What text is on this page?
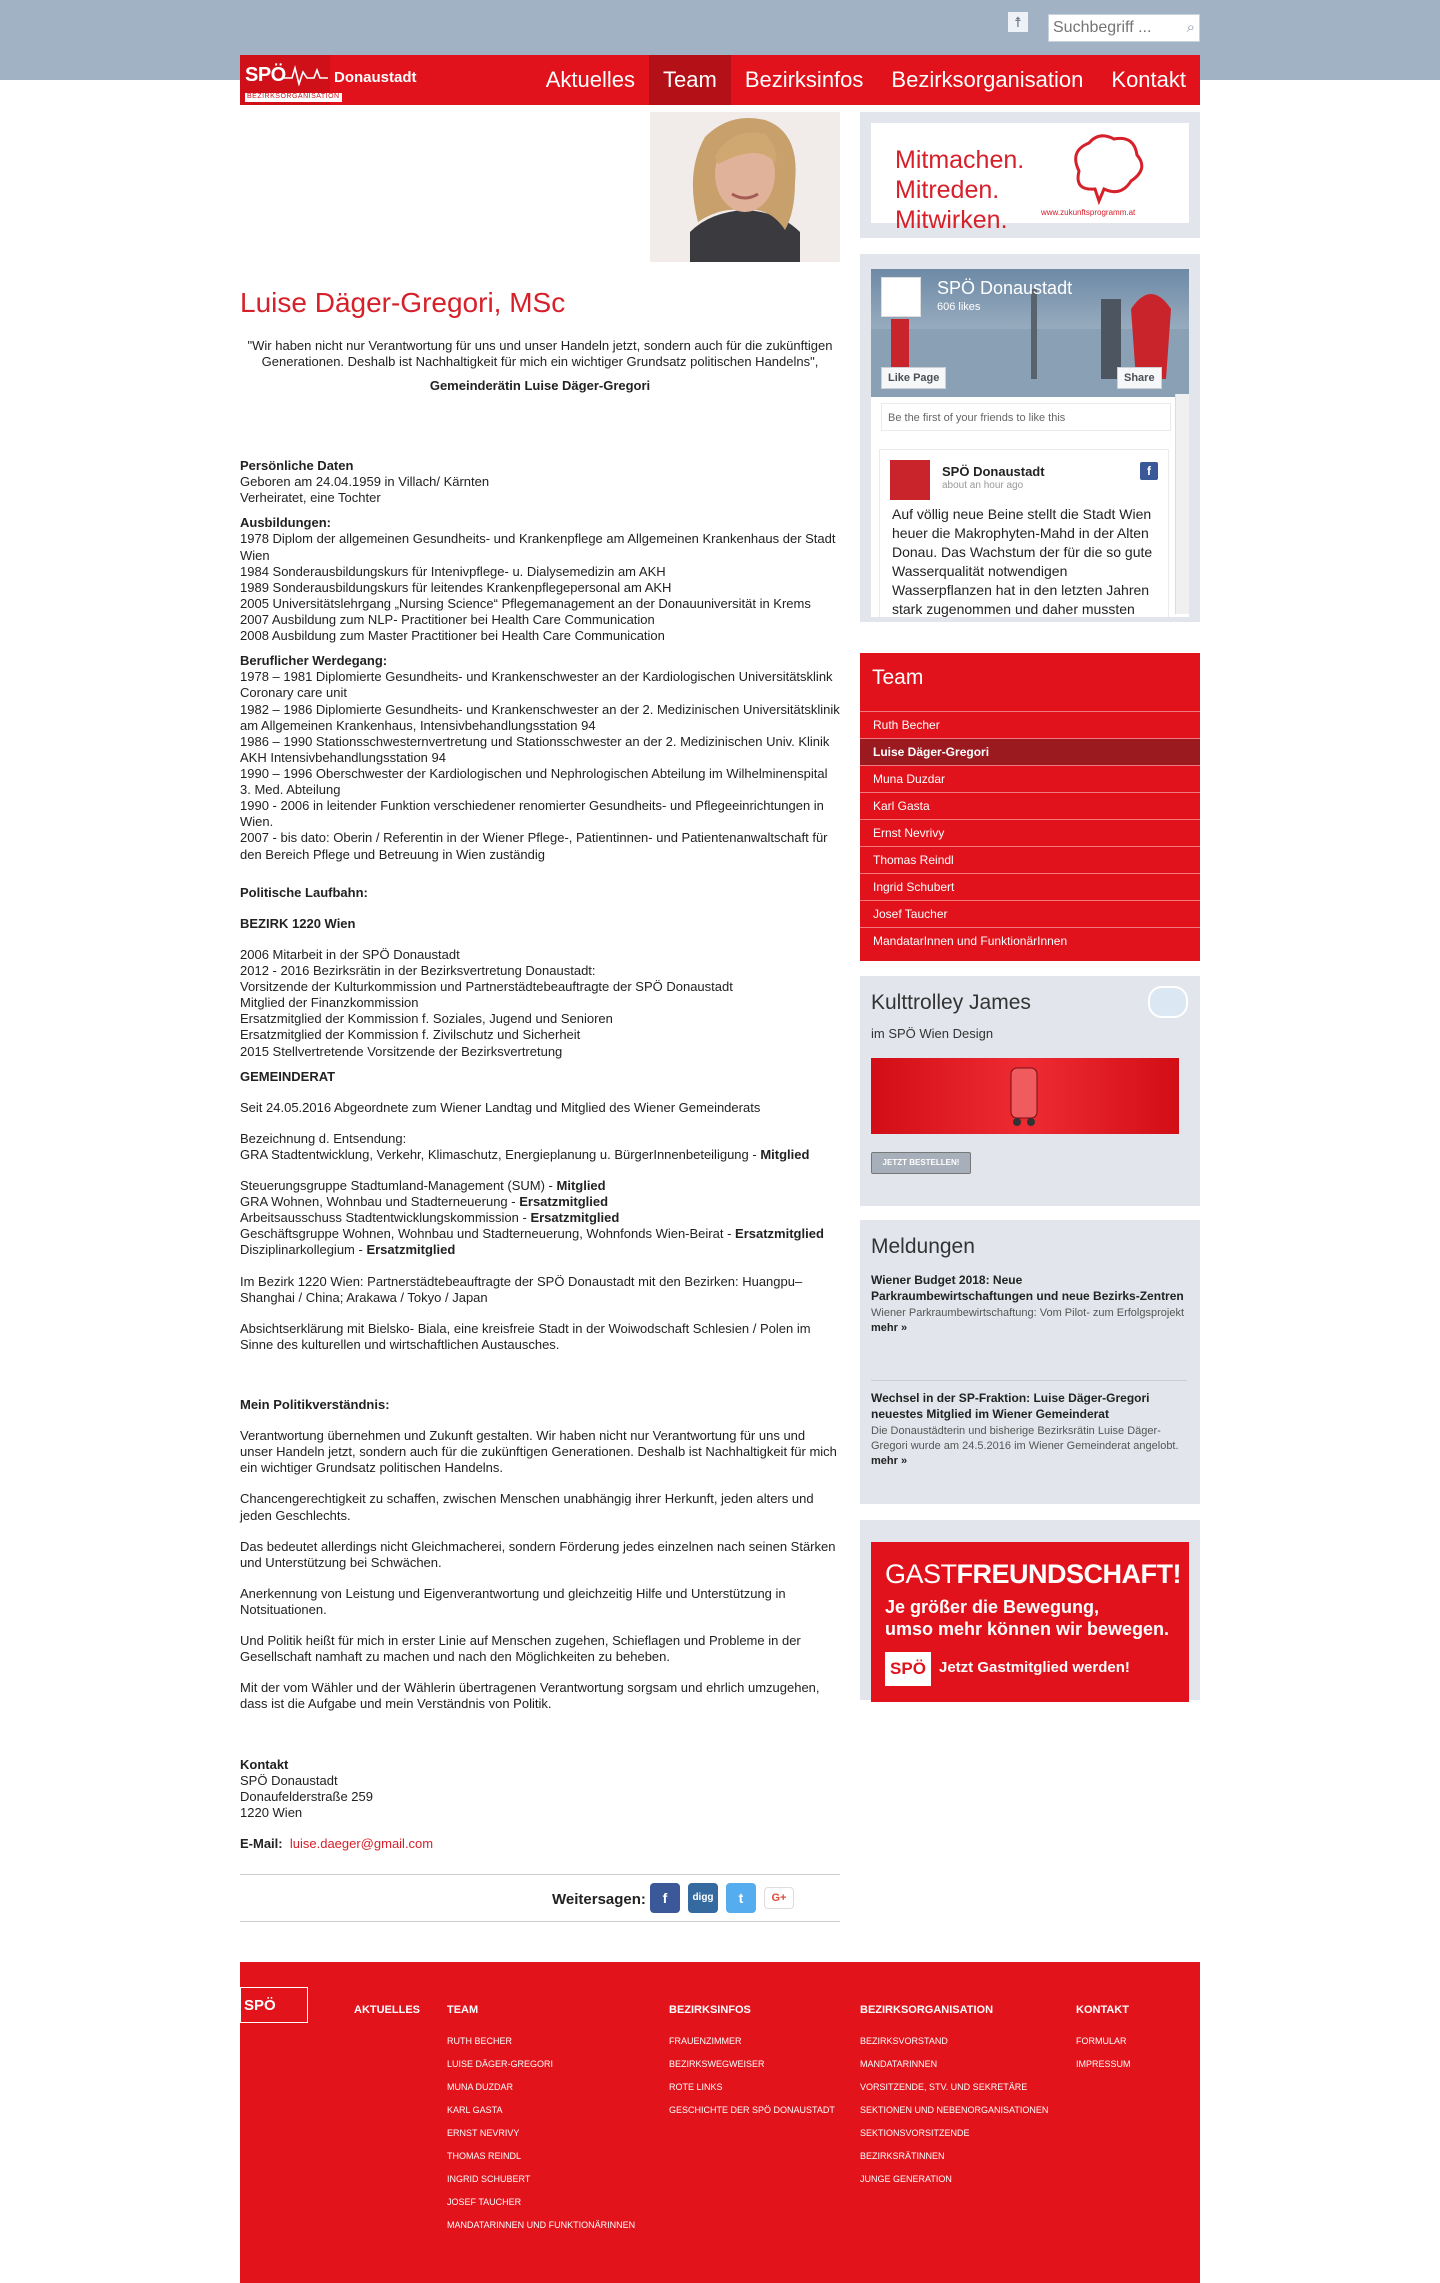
☨
Suchbegriff ...	⌕
SPÖ
BEZIRKSORGANISATION
Donaustadt	Aktuelles	Team	Bezirksinfos	Bezirksorganisation	Kontakt
Luise Däger-Gregori, MSc
"Wir haben nicht nur Verantwortung für uns und unser Handeln jetzt, sondern auch für die zukünftigen Generationen. Deshalb ist Nachhaltigkeit für mich ein wichtiger Grundsatz politischen Handelns",
Gemeinderätin Luise Däger-Gregori
Persönliche Daten

Geboren am 24.04.1959 in Villach/ Kärnten

Verheiratet, eine Tochter

Ausbildungen:

1978 Diplom der allgemeinen Gesundheits- und Krankenpflege am Allgemeinen Krankenhaus der Stadt Wien

1984 Sonderausbildungskurs für Intenivpflege- u. Dialysemedizin am AKH

1989 Sonderausbildungskurs für leitendes Krankenpflegepersonal am AKH

2005 Universitätslehrgang „Nursing Science“ Pflegemanagement an der Donauuniversität in Krems

2007 Ausbildung zum NLP- Practitioner bei Health Care Communication

2008 Ausbildung zum Master Practitioner bei Health Care Communication

Beruflicher Werdegang:

1978 – 1981 Diplomierte Gesundheits- und Krankenschwester an der Kardiologischen Universitätsklink Coronary care unit

1982 – 1986 Diplomierte Gesundheits- und Krankenschwester an der 2. Medizinischen Universitätsklinik am Allgemeinen Krankenhaus, Intensivbehandlungsstation 94

1986 – 1990 Stationsschwesternvertretung und Stationsschwester an der 2. Medizinischen Univ. Klinik AKH Intensivbehandlungsstation 94

1990 – 1996 Oberschwester der Kardiologischen und Nephrologischen Abteilung im Wilhelminenspital 3. Med. Abteilung

1990 - 2006 in leitender Funktion verschiedener renomierter Gesundheits- und Pflegeeinrichtungen in Wien.

2007 - bis dato: Oberin / Referentin in der Wiener Pflege-, Patientinnen- und Patientenanwaltschaft für den Bereich Pflege und Betreuung in Wien zuständig

Politische Laufbahn:
BEZIRK 1220 Wien

2006 Mitarbeit in der SPÖ Donaustadt

2012 - 2016 Bezirksrätin in der Bezirksvertretung Donaustadt:

Vorsitzende der Kulturkommission und Partnerstädtebeauftragte der SPÖ Donaustadt

Mitglied der Finanzkommission

Ersatzmitglied der Kommission f. Soziales, Jugend und Senioren

Ersatzmitglied der Kommission f. Zivilschutz und Sicherheit

2015 Stellvertretende Vorsitzende der Bezirksvertretung

GEMEINDERAT

Seit 24.05.2016 Abgeordnete zum Wiener Landtag und Mitglied des Wiener Gemeinderats

Bezeichnung d. Entsendung:

GRA Stadtentwicklung, Verkehr, Klimaschutz, Energieplanung u. BürgerInnenbeteiligung - Mitglied

Steuerungsgruppe Stadtumland-Management (SUM) - Mitglied

GRA Wohnen, Wohnbau und Stadterneuerung - Ersatzmitglied

Arbeitsausschuss Stadtentwicklungskommission - Ersatzmitglied

Geschäftsgruppe Wohnen, Wohnbau und Stadterneuerung, Wohnfonds Wien-Beirat - Ersatzmitglied

Disziplinarkollegium - Ersatzmitglied

Im Bezirk 1220 Wien: Partnerstädtebeauftragte der SPÖ Donaustadt mit den Bezirken: Huangpu–Shanghai / China; Arakawa / Tokyo / Japan

Absichtserklärung mit Bielsko- Biala, eine kreisfreie Stadt in der Woiwodschaft Schlesien / Polen im Sinne des kulturellen und wirtschaftlichen Austausches.

Mein Politikverständnis:

Verantwortung übernehmen und Zukunft gestalten. Wir haben nicht nur Verantwortung für uns und unser Handeln jetzt, sondern auch für die zukünftigen Generationen. Deshalb ist Nachhaltigkeit für mich ein wichtiger Grundsatz politischen Handelns.

Chancengerechtigkeit zu schaffen, zwischen Menschen unabhängig ihrer Herkunft, jeden alters und jeden Geschlechts.

Das bedeutet allerdings nicht Gleichmacherei, sondern Förderung jedes einzelnen nach seinen Stärken und Unterstützung bei Schwächen.

Anerkennung von Leistung und Eigenverantwortung und gleichzeitig Hilfe und Unterstützung in Notsituationen.

Und Politik heißt für mich in erster Linie auf Menschen zugehen, Schieflagen und Probleme in der Gesellschaft namhaft zu machen und nach den Möglichkeiten zu beheben.

Mit der vom Wähler und der Wählerin übertragenen Verantwortung sorgsam und ehrlich umzugehen, dass ist die Aufgabe und mein Verständnis von Politik.

Kontakt

SPÖ Donaustadt

Donaufelderstraße 259

1220 Wien

E-Mail: luise.daeger@gmail.com

Weitersagen:	f	digg	t	G+
Mitmachen.
Mitreden.
Mitwirken.	www.zukunftsprogramm.at
SPÖ Donaustadt
606 likes
Like Page	Share
Be the first of your friends to like this
SPÖ Donaustadt
about an hour ago
f
Auf völlig neue Beine stellt die Stadt Wien heuer die Makrophyten-Mahd in der Alten Donau. Das Wachstum der für die so gute Wasserqualität notwendigen Wasserpflanzen hat in den letzten Jahren stark zugenommen und daher mussten
Team
Ruth Becher
Luise Däger-Gregori
Muna Duzdar
Karl Gasta
Ernst Nevrivy
Thomas Reindl
Ingrid Schubert
Josef Taucher
MandatarInnen und FunktionärInnen
Kulttrolley James
im SPÖ Wien Design
JETZT BESTELLEN!
Meldungen
Wiener Budget 2018: Neue Parkraumbewirtschaftungen und neue Bezirks-Zentren
Wiener Parkraumbewirtschaftung: Vom Pilot- zum Erfolgsprojekt
mehr »
Wechsel in der SP-Fraktion: Luise Däger-Gregori neuestes Mitglied im Wiener Gemeinderat
Die Donaustädterin und bisherige Bezirksrätin Luise Däger-Gregori wurde am 24.5.2016 im Wiener Gemeinderat angelobt.
mehr »
GASTFREUNDSCHAFT!
Je größer die Bewegung,
umso mehr können wir bewegen.
SPÖ Jetzt Gastmitglied werden!
SPÖ	AKTUELLES TEAM
RUTH BECHER
LUISE DÄGER-GREGORI
MUNA DUZDAR
KARL GASTA
ERNST NEVRIVY
THOMAS REINDL
INGRID SCHUBERT
JOSEF TAUCHER
MANDATARINNEN UND FUNKTIONÄRINNEN
BEZIRKSINFOS
FRAUENZIMMER
BEZIRKSWEGWEISER
ROTE LINKS
GESCHICHTE DER SPÖ DONAUSTADT
BEZIRKSORGANISATION
BEZIRKSVORSTAND
MANDATARINNEN
VORSITZENDE, STV. UND SEKRETÄRE
SEKTIONEN UND NEBENORGANISATIONEN
SEKTIONSVORSITZENDE
BEZIRKSRÄTINNEN
JUNGE GENERATION
KONTAKT
FORMULAR
IMPRESSUM
